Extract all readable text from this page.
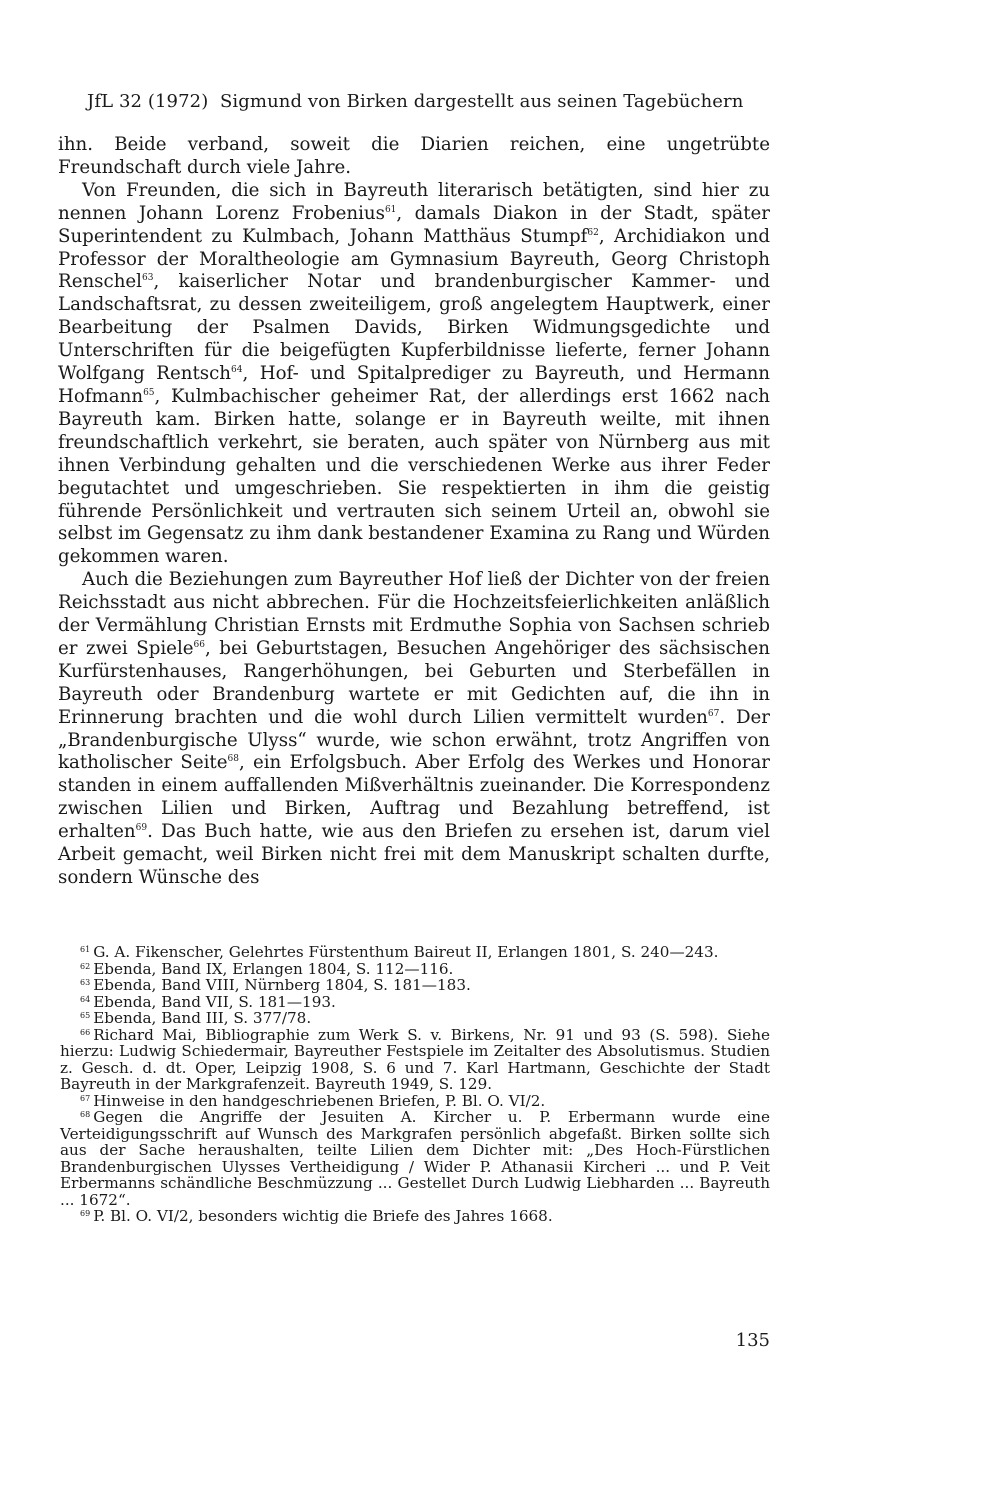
JfL 32 (1972) Sigmund von Birken dargestellt aus seinen Tagebüchern

ihn. Beide verband, soweit die Diarien reichen, eine ungetrübte Freundschaft durch viele Jahre.

Von Freunden, die sich in Bayreuth literarisch betätigten, sind hier zu nennen Johann Lorenz Frobenius$^{61}$, damals Diakon in der Stadt, später Superintendent zu Kulmbach, Johann Matthäus Stumpf$^{62}$, Archidiakon und Professor der Moraltheologie am Gymnasium Bayreuth, Georg Christoph Renschel$^{63}$, kaiserlicher Notar und brandenburgischer Kammer- und Landschaftsrat, zu dessen zweiteiligem, groß angelegtem Hauptwerk, einer Bearbeitung der Psalmen Davids, Birken Widmungsgedichte und Unterschriften für die beigefügten Kupferbildnisse lieferte, ferner Johann Wolfgang Rentsch$^{64}$, Hof- und Spitalprediger zu Bayreuth, und Hermann Hofmann$^{65}$, Kulmbachischer geheimer Rat, der allerdings erst 1662 nach Bayreuth kam. Birken hatte, solange er in Bayreuth weilte, mit ihnen freundschaftlich verkehrt, sie beraten, auch später von Nürnberg aus mit ihnen Verbindung gehalten und die verschiedenen Werke aus ihrer Feder begutachtet und umgeschrieben. Sie respektierten in ihm die geistig führende Persönlichkeit und vertrauten sich seinem Urteil an, obwohl sie selbst im Gegensatz zu ihm dank bestandener Examina zu Rang und Würden gekommen waren.

Auch die Beziehungen zum Bayreuther Hof ließ der Dichter von der freien Reichsstadt aus nicht abbrechen. Für die Hochzeitsfeierlichkeiten anläßlich der Vermählung Christian Ernsts mit Erdmuthe Sophia von Sachsen schrieb er zwei Spiele$^{66}$, bei Geburtstagen, Besuchen Angehöriger des sächsischen Kurfürstenhauses, Rangerhöhungen, bei Geburten und Sterbefällen in Bayreuth oder Brandenburg wartete er mit Gedichten auf, die ihn in Erinnerung brachten und die wohl durch Lilien vermittelt wurden$^{67}$. Der „Brandenburgische Ulyss“ wurde, wie schon erwähnt, trotz Angriffen von katholischer Seite$^{68}$, ein Erfolgsbuch. Aber Erfolg des Werkes und Honorar standen in einem auffallenden Mißverhältnis zueinander. Die Korrespondenz zwischen Lilien und Birken, Auftrag und Bezahlung betreffend, ist erhalten$^{69}$. Das Buch hatte, wie aus den Briefen zu ersehen ist, darum viel Arbeit gemacht, weil Birken nicht frei mit dem Manuskript schalten durfte, sondern Wünsche des

$^{61}$ G. A. Fikenscher, Gelehrtes Fürstenthum Baireut II, Erlangen 1801, S. 240—243.

$^{62}$ Ebenda, Band IX, Erlangen 1804, S. 112—116.

$^{63}$ Ebenda, Band VIII, Nürnberg 1804, S. 181—183.

$^{64}$ Ebenda, Band VII, S. 181—193.

$^{65}$ Ebenda, Band III, S. 377/78.

$^{66}$ Richard Mai, Bibliographie zum Werk S. v. Birkens, Nr. 91 und 93 (S. 598). Siehe hierzu: Ludwig Schiedermair, Bayreuther Festspiele im Zeitalter des Absolutismus. Studien z. Gesch. d. dt. Oper, Leipzig 1908, S. 6 und 7. Karl Hartmann, Geschichte der Stadt Bayreuth in der Markgrafenzeit. Bayreuth 1949, S. 129.

$^{67}$ Hinweise in den handgeschriebenen Briefen, P. Bl. O. VI/2.

$^{68}$ Gegen die Angriffe der Jesuiten A. Kircher u. P. Erbermann wurde eine Verteidigungsschrift auf Wunsch des Markgrafen persönlich abgefaßt. Birken sollte sich aus der Sache heraushalten, teilte Lilien dem Dichter mit: „Des Hoch-Fürstlichen Brandenburgischen Ulysses Vertheidigung / Wider P. Athanasii Kircheri ... und P. Veit Erbermanns schändliche Beschmüzzung ... Gestellet Durch Ludwig Liebharden ... Bayreuth ... 1672“.

$^{69}$ P. Bl. O. VI/2, besonders wichtig die Briefe des Jahres 1668.

135
